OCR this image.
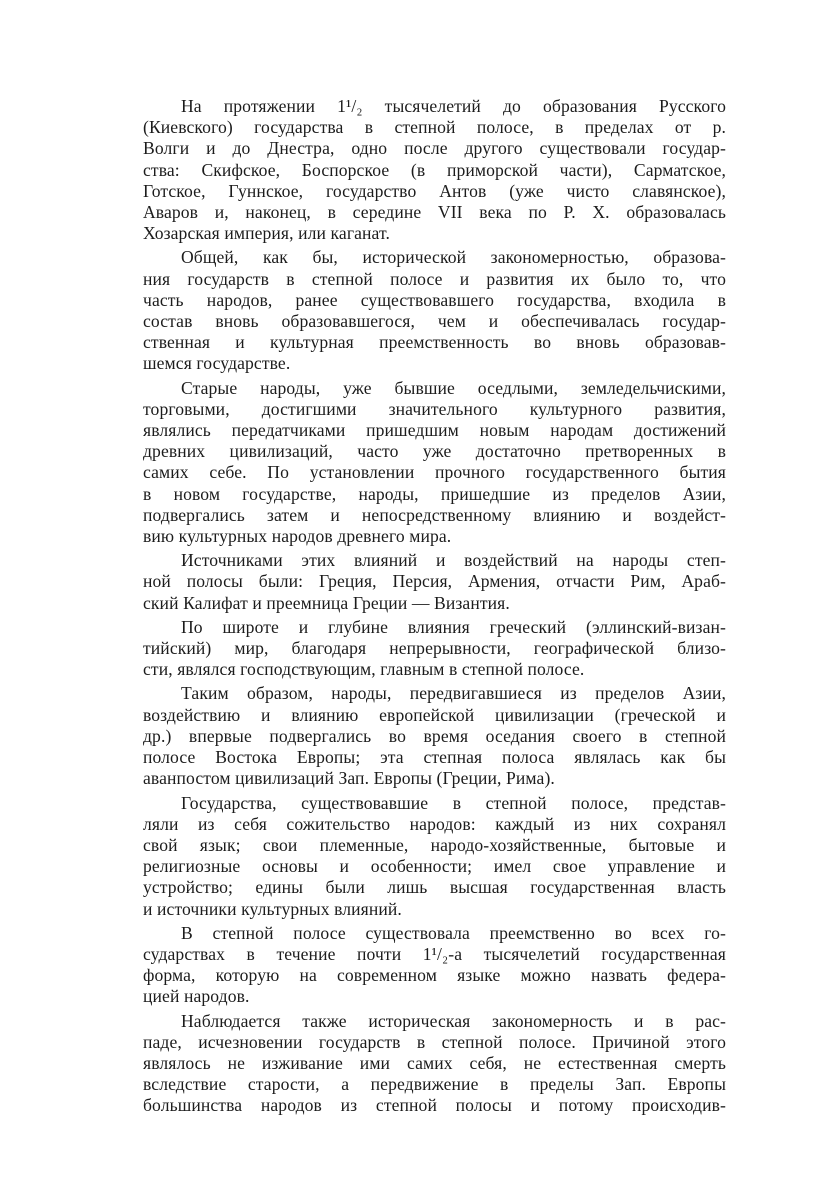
На протяжении 1¹/₂ тысячелетий до образования Русского
(Киевского) государства в степной полосе, в пределах от р.
Волги и до Днестра, одно после другого существовали государ-
ства: Скифское, Боспорское (в приморской части), Сарматское,
Готское, Гуннское, государство Антов (уже чисто славянское),
Аваров и, наконец, в середине VII века по Р. Х. образовалась
Хозарская империя, или каганат.
Общей, как бы, исторической закономерностью, образова-
ния государств в степной полосе и развития их было то, что
часть народов, ранее существовавшего государства, входила в
состав вновь образовавшегося, чем и обеспечивалась государ-
ственная и культурная преемственность во вновь образовав-
шемся государстве.
Старые народы, уже бывшие оседлыми, земледельчискими,
торговыми, достигшими значительного культурного развития,
являлись передатчиками пришедшим новым народам достижений
древних цивилизаций, часто уже достаточно претворенных в
самих себе. По установлении прочного государственного бытия
в новом государстве, народы, пришедшие из пределов Азии,
подвергались затем и непосредственному влиянию и воздейст-
вию культурных народов древнего мира.
Источниками этих влияний и воздействий на народы степ-
ной полосы были: Греция, Персия, Армения, отчасти Рим, Араб-
ский Калифат и преемница Греции — Византия.
По широте и глубине влияния греческий (эллинский-визан-
тийский) мир, благодаря непрерывности, географической близо-
сти, являлся господствующим, главным в степной полосе.
Таким образом, народы, передвигавшиеся из пределов Азии,
воздействию и влиянию европейской цивилизации (греческой и
др.) впервые подвергались во время оседания своего в степной
полосе Востока Европы; эта степная полоса являлась как бы
аванпостом цивилизаций Зап. Европы (Греции, Рима).
Государства, существовавшие в степной полосе, представ-
ляли из себя сожительство народов: каждый из них сохранял
свой язык; свои племенные, народо-хозяйственные, бытовые и
религиозные основы и особенности; имел свое управление и
устройство; едины были лишь высшая государственная власть
и источники культурных влияний.
В степной полосе существовала преемственно во всех го-
сударствах в течение почти 1¹/₂-а тысячелетий государственная
форма, которую на современном языке можно назвать федера-
цией народов.
Наблюдается также историческая закономерность и в рас-
паде, исчезновении государств в степной полосе. Причиной этого
являлось не изживание ими самих себя, не естественная смерть
вследствие старости, а передвижение в пределы Зап. Европы
большинства народов из степной полосы и потому происходив-
